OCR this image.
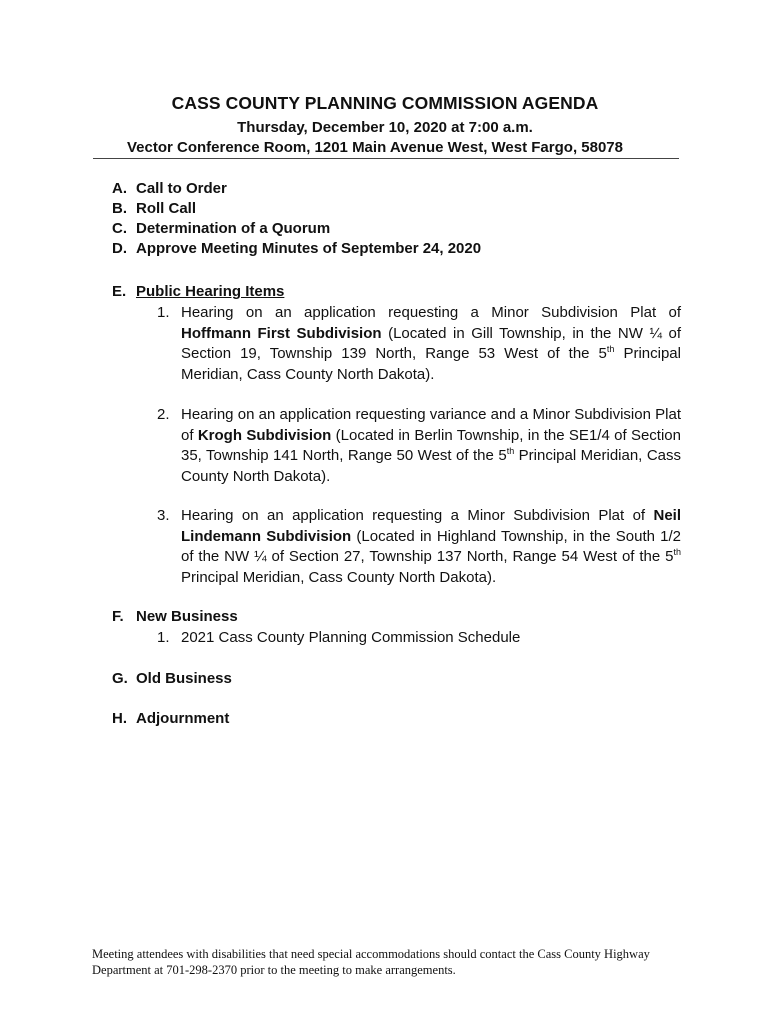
CASS COUNTY PLANNING COMMISSION AGENDA
Thursday, December 10, 2020 at 7:00 a.m.
Vector Conference Room, 1201 Main Avenue West, West Fargo, 58078
A. Call to Order
B. Roll Call
C. Determination of a Quorum
D. Approve Meeting Minutes of September 24, 2020
E. Public Hearing Items
1. Hearing on an application requesting a Minor Subdivision Plat of Hoffmann First Subdivision (Located in Gill Township, in the NW ¼ of Section 19, Township 139 North, Range 53 West of the 5th Principal Meridian, Cass County North Dakota).
2. Hearing on an application requesting variance and a Minor Subdivision Plat of Krogh Subdivision (Located in Berlin Township, in the SE1/4 of Section 35, Township 141 North, Range 50 West of the 5th Principal Meridian, Cass County North Dakota).
3. Hearing on an application requesting a Minor Subdivision Plat of Neil Lindemann Subdivision (Located in Highland Township, in the South 1/2 of the NW ¼ of Section 27, Township 137 North, Range 54 West of the 5th Principal Meridian, Cass County North Dakota).
F. New Business
1. 2021 Cass County Planning Commission Schedule
G. Old Business
H. Adjournment
Meeting attendees with disabilities that need special accommodations should contact the Cass County Highway Department at 701-298-2370 prior to the meeting to make arrangements.
